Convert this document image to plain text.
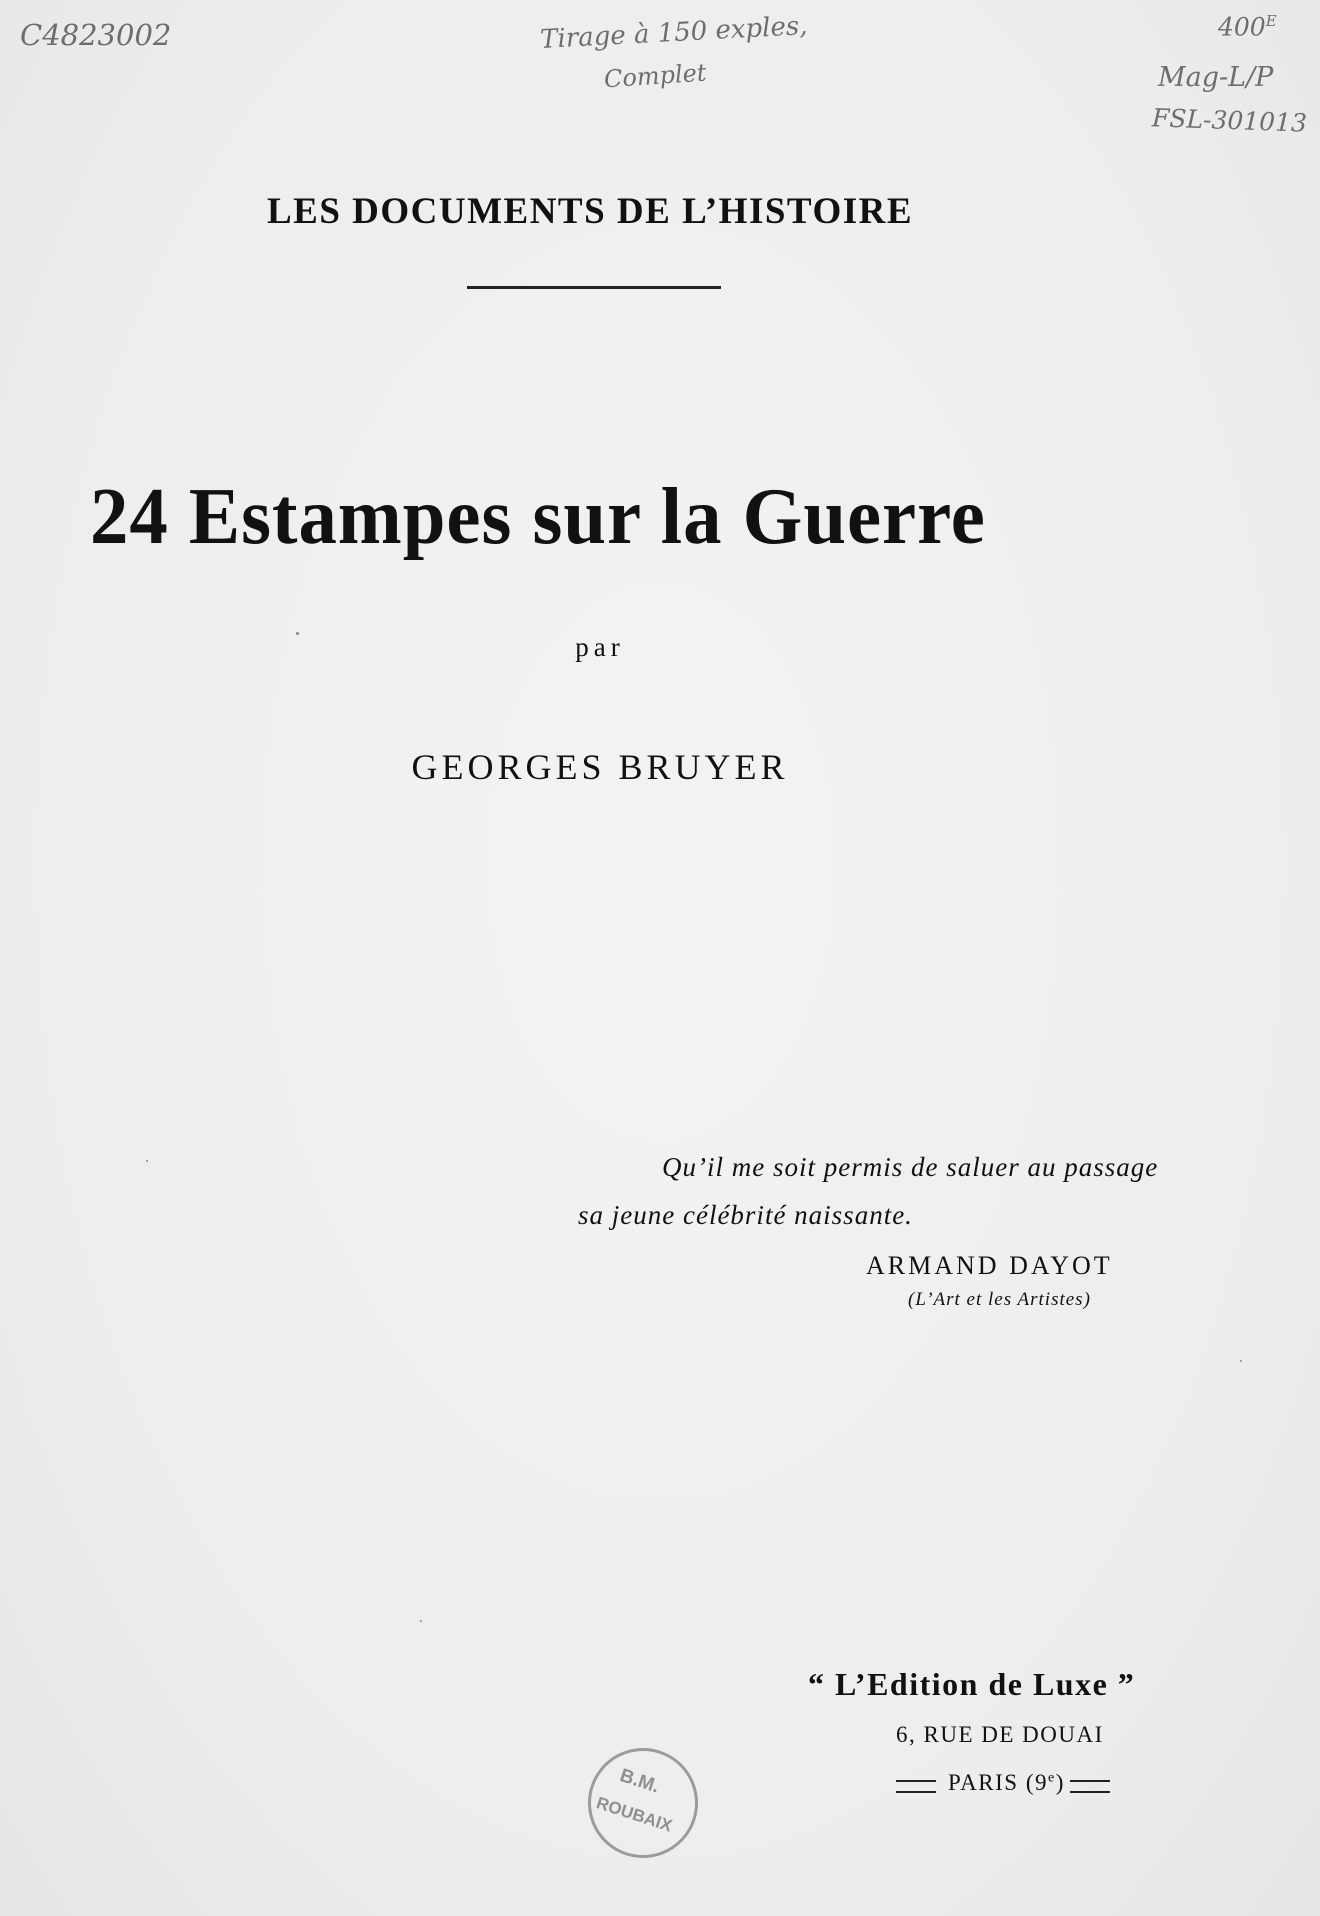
C4823002	Tirage à 150 exples,
Complet
$400^E$
Mag-L/P
FSL-301013
LES DOCUMENTS DE L’HISTOIRE
24 Estampes sur la Guerre
par
GEORGES BRUYER
Qu’il me soit permis de saluer au passage
sa jeune célébrité naissante.
ARMAND DAYOT
(L’Art et les Artistes)
“ L’Edition de Luxe ”
6, RUE DE DOUAI
PARIS (9e)
B.M.
ROUBAIX
